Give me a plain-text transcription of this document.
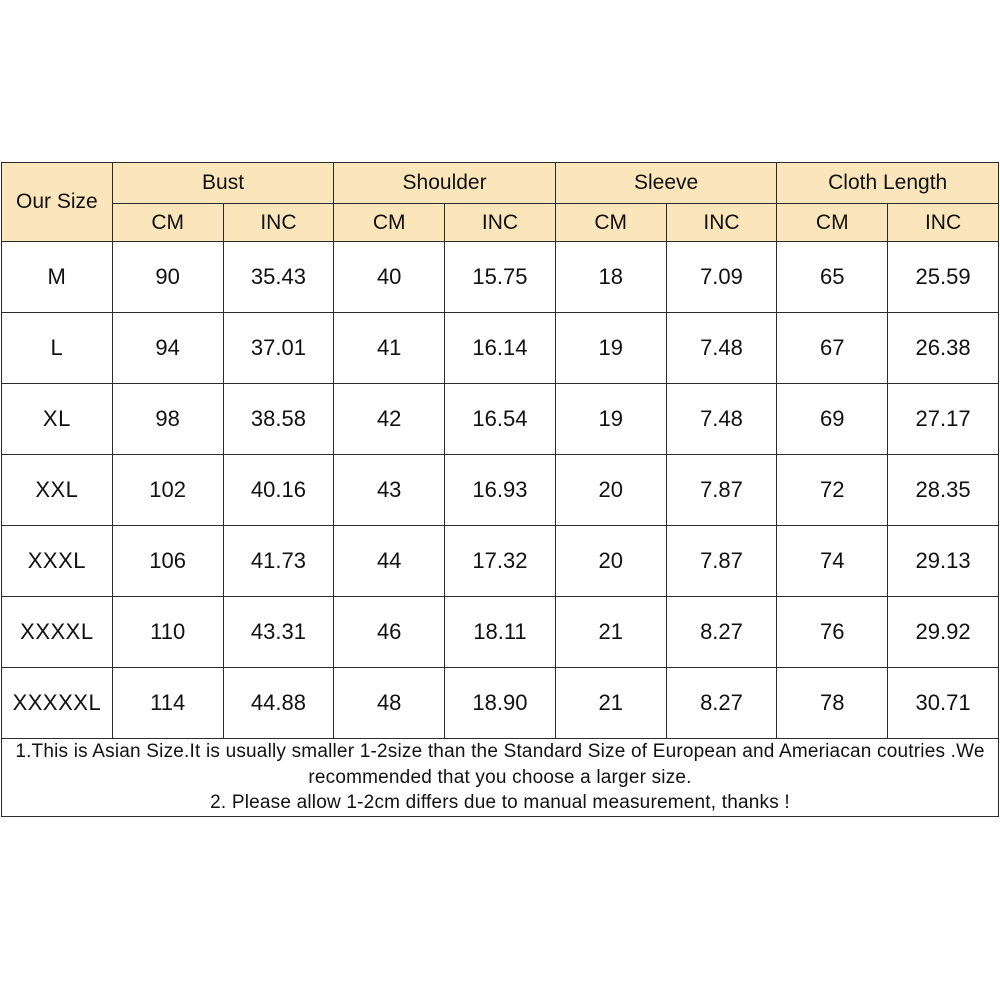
Our Size	Bust		Shoulder		Sleeve		Cloth Length	
	CM	INC	CM	INC	CM	INC	CM	INC
M	90	35.43	40	15.75	18	7.09	65	25.59
L	94	37.01	41	16.14	19	7.48	67	26.38
XL	98	38.58	42	16.54	19	7.48	69	27.17
XXL	102	40.16	43	16.93	20	7.87	72	28.35
XXXL	106	41.73	44	17.32	20	7.87	74	29.13
XXXXL	110	43.31	46	18.11	21	8.27	76	29.92
XXXXXL	114	44.88	48	18.90	21	8.27	78	30.71

1.This is Asian Size.It is usually smaller 1-2size than the Standard Size of European and Ameriacan coutries .We
recommended that you choose a larger size.
2. Please allow 1-2cm differs due to manual measurement, thanks !								
